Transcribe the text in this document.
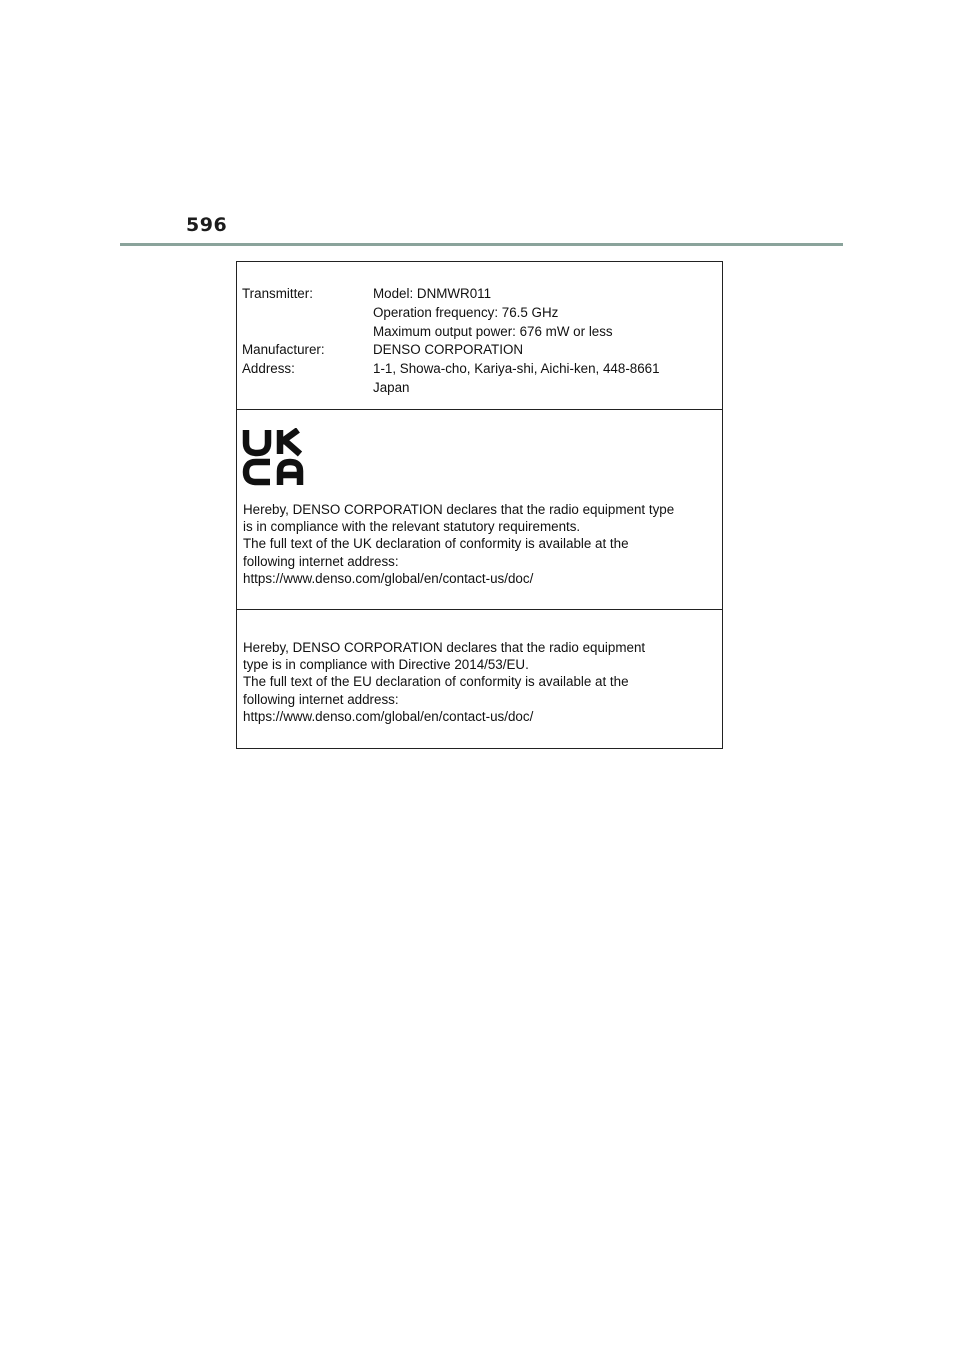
596
Transmitter:	Model: DNMWR011
Operation frequency: 76.5 GHz
Maximum output power: 676 mW or less
Manufacturer:	DENSO CORPORATION
Address:	1-1, Showa-cho, Kariya-shi, Aichi-ken, 448-8661
Japan
Hereby, DENSO CORPORATION declares that the radio equipment type
is in compliance with the relevant statutory requirements.
The full text of the UK declaration of conformity is available at the
following internet address:
https://www.denso.com/global/en/contact-us/doc/
Hereby, DENSO CORPORATION declares that the radio equipment
type is in compliance with Directive 2014/53/EU.
The full text of the EU declaration of conformity is available at the
following internet address:
https://www.denso.com/global/en/contact-us/doc/
